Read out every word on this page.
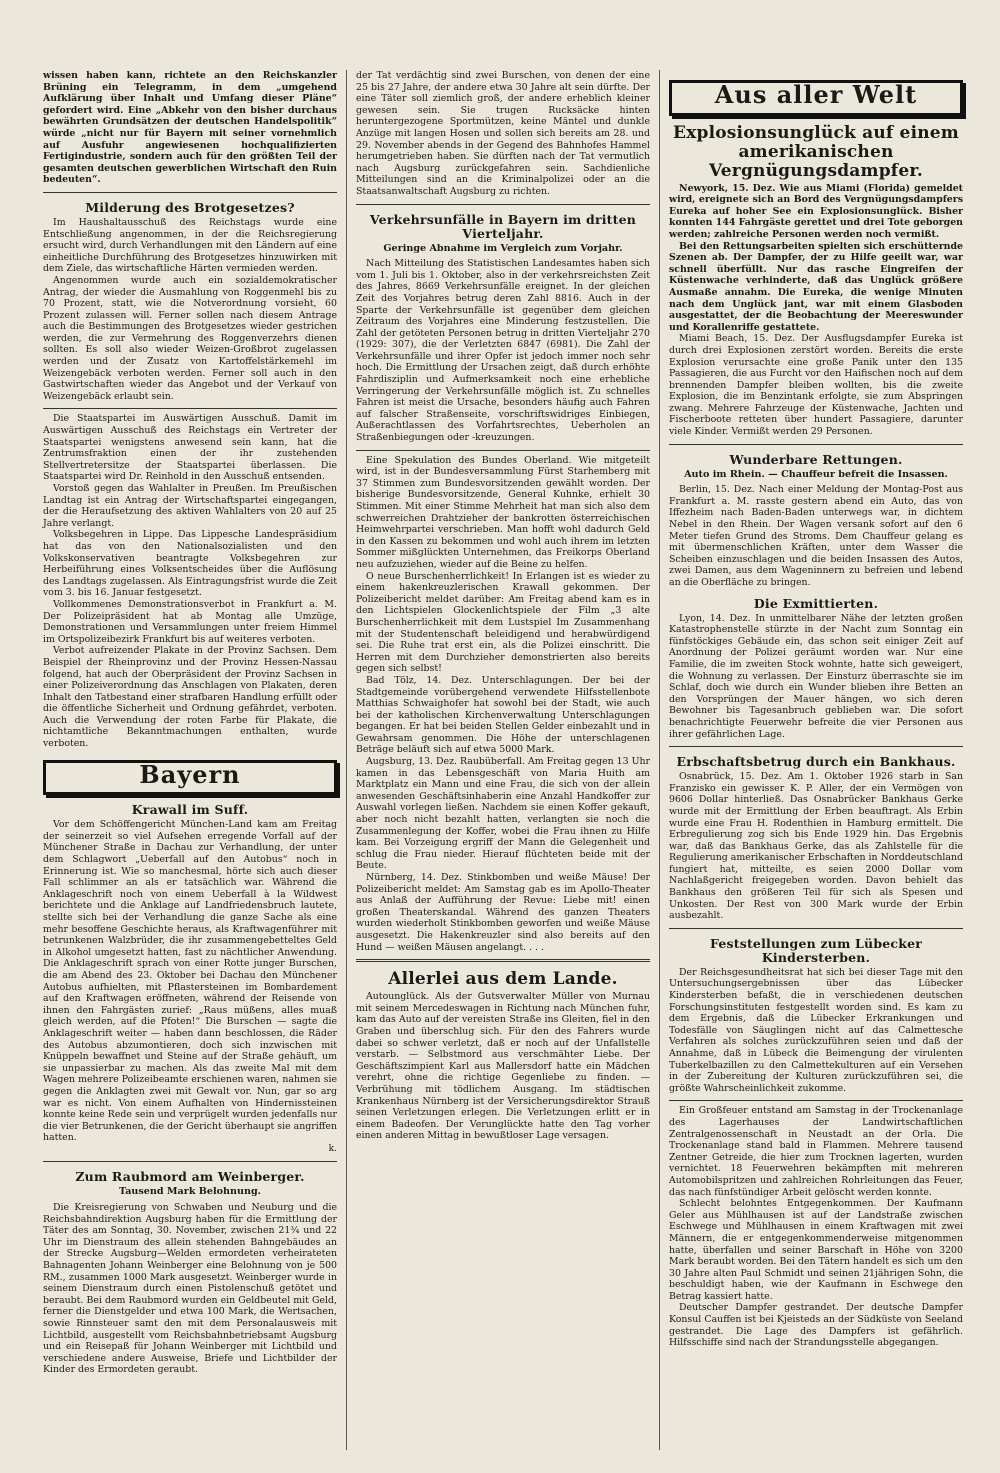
wissen haben kann, richtete an den Reichskanzler Brüning ein Telegramm, in dem „umgehend Aufklärung über Inhalt und Umfang dieser Pläne“ gefordert wird. Eine „Abkehr von den bisher durchaus bewährten Grundsätzen der deutschen Handelspolitik“ würde „nicht nur für Bayern mit seiner vornehmlich auf Ausfuhr angewiesenen hochqualifizierten Fertigindustrie, sondern auch für den größten Teil der gesamten deutschen gewerblichen Wirtschaft den Ruin bedeuten“.

Milderung des Brotgesetzes?

Im Haushaltausschuß des Reichstags wurde eine Entschließung angenommen, in der die Reichsregierung ersucht wird, durch Verhandlungen mit den Ländern auf eine einheitliche Durchführung des Brotgesetzes hinzuwirken mit dem Ziele, das wirtschaftliche Härten vermieden werden.

Angenommen wurde auch ein sozialdemokratischer Antrag, der wieder die Ausmahlung von Roggenmehl bis zu 70 Prozent, statt, wie die Notverordnung vorsieht, 60 Prozent zulassen will. Ferner sollen nach diesem Antrage auch die Bestimmungen des Brotgesetzes wieder gestrichen werden, die zur Vermehrung des Roggenverzehrs dienen sollten. Es soll also wieder Weizen-Großbrot zugelassen werden und der Zusatz von Kartoffelstärkemehl im Weizengebäck verboten werden. Ferner soll auch in den Gastwirtschaften wieder das Angebot und der Verkauf von Weizengebäck erlaubt sein.

Die Staatspartei im Auswärtigen Ausschuß. Damit im Auswärtigen Ausschuß des Reichstags ein Vertreter der Staatspartei wenigstens anwesend sein kann, hat die Zentrumsfraktion einen der ihr zustehenden Stellvertretersitze der Staatspartei überlassen. Die Staatspartei wird Dr. Reinhold in den Ausschuß entsenden.

Vorstoß gegen das Wahlalter in Preußen. Im Preußischen Landtag ist ein Antrag der Wirtschaftspartei eingegangen, der die Heraufsetzung des aktiven Wahlalters von 20 auf 25 Jahre verlangt.

Volksbegehren in Lippe. Das Lippesche Landespräsidium hat das von den Nationalsozialisten und den Volkskonservativen beantragte Volksbegehren zur Herbeiführung eines Volksentscheides über die Auflösung des Landtags zugelassen. Als Eintragungsfrist wurde die Zeit vom 3. bis 16. Januar festgesetzt.

Vollkommenes Demonstrationsverbot in Frankfurt a. M. Der Polizeipräsident hat ab Montag alle Umzüge, Demonstrationen und Versammlungen unter freiem Himmel im Ortspolizeibezirk Frankfurt bis auf weiteres verboten.

Verbot aufreizender Plakate in der Provinz Sachsen. Dem Beispiel der Rheinprovinz und der Provinz Hessen-Nassau folgend, hat auch der Oberpräsident der Provinz Sachsen in einer Polizeiverordnung das Anschlagen von Plakaten, deren Inhalt den Tatbestand einer strafbaren Handlung erfüllt oder die öffentliche Sicherheit und Ordnung gefährdet, verboten. Auch die Verwendung der roten Farbe für Plakate, die nichtamtliche Bekanntmachungen enthalten, wurde verboten.

Bayern
Krawall im Suff.

Vor dem Schöffengericht München-Land kam am Freitag der seinerzeit so viel Aufsehen erregende Vorfall auf der Münchener Straße in Dachau zur Verhandlung, der unter dem Schlagwort „Ueberfall auf den Autobus“ noch in Erinnerung ist. Wie so manchesmal, hörte sich auch dieser Fall schlimmer an als er tatsächlich war. Während die Anklageschrift noch von einem Ueberfall à la Wildwest berichtete und die Anklage auf Landfriedensbruch lautete, stellte sich bei der Verhandlung die ganze Sache als eine mehr besoffene Geschichte heraus, als Kraftwagenführer mit betrunkenen Walzbrüder, die ihr zusammengebetteltes Geld in Alkohol umgesetzt hatten, fast zu nächtlicher Anwendung. Die Anklageschrift sprach von einer Rotte junger Burschen, die am Abend des 23. Oktober bei Dachau den Münchener Autobus aufhielten, mit Pflastersteinen im Bombardement auf den Kraftwagen eröffneten, während der Reisende von ihnen den Fahrgästen zurief: „Raus müßens, alles muaß gleich werden, auf die Pfoten!“ Die Burschen — sagte die Anklageschrift weiter — haben dann beschlossen, die Räder des Autobus abzumontieren, doch sich inzwischen mit Knüppeln bewaffnet und Steine auf der Straße gehäuft, um sie unpassierbar zu machen. Als das zweite Mal mit dem Wagen mehrere Polizeibeamte erschienen waren, nahmen sie gegen die Anklagten zwei mit Gewalt vor. Nun, gar so arg war es nicht. Von einem Aufhalten von Hindernissteinen konnte keine Rede sein und verprügelt wurden jedenfalls nur die vier Betrunkenen, die der Gericht überhaupt sie angriffen hatten.

k.
Zum Raubmord am Weinberger.
Tausend Mark Belohnung.

Die Kreisregierung von Schwaben und Neuburg und die Reichsbahndirektion Augsburg haben für die Ermittlung der Täter des am Sonntag, 30. November, zwischen 21¾ und 22 Uhr im Dienstraum des allein stehenden Bahngebäudes an der Strecke Augsburg—Welden ermordeten verheirateten Bahnagenten Johann Weinberger eine Belohnung von je 500 RM., zusammen 1000 Mark ausgesetzt. Weinberger wurde in seinem Dienstraum durch einen Pistolenschuß getötet und beraubt. Bei dem Raubmord wurden ein Geldbeutel mit Geld, ferner die Dienstgelder und etwa 100 Mark, die Wertsachen, sowie Rinnsteuer samt den mit dem Personalausweis mit Lichtbild, ausgestellt vom Reichsbahnbetriebsamt Augsburg und ein Reisepaß für Johann Weinberger mit Lichtbild und verschiedene andere Ausweise, Briefe und Lichtbilder der Kinder des Ermordeten geraubt.

der Tat verdächtig sind zwei Burschen, von denen der eine 25 bis 27 Jahre, der andere etwa 30 Jahre alt sein dürfte. Der eine Täter soll ziemlich groß, der andere erheblich kleiner gewesen sein. Sie trugen Rucksäcke hinten heruntergezogene Sportmützen, keine Mäntel und dunkle Anzüge mit langen Hosen und sollen sich bereits am 28. und 29. November abends in der Gegend des Bahnhofes Hammel herumgetrieben haben. Sie dürften nach der Tat vermutlich nach Augsburg zurückgefahren sein. Sachdienliche Mitteilungen sind an die Kriminalpolizei oder an die Staatsanwaltschaft Augsburg zu richten.

Verkehrsunfälle in Bayern im dritten Vierteljahr.
Geringe Abnahme im Vergleich zum Vorjahr.

Nach Mitteilung des Statistischen Landesamtes haben sich vom 1. Juli bis 1. Oktober, also in der verkehrsreichsten Zeit des Jahres, 8669 Verkehrsunfälle ereignet. In der gleichen Zeit des Vorjahres betrug deren Zahl 8816. Auch in der Sparte der Verkehrsunfälle ist gegenüber dem gleichen Zeitraum des Vorjahres eine Minderung festzustellen. Die Zahl der getöteten Personen betrug in dritten Vierteljahr 270 (1929: 307), die der Verletzten 6847 (6981). Die Zahl der Verkehrsunfälle und ihrer Opfer ist jedoch immer noch sehr hoch. Die Ermittlung der Ursachen zeigt, daß durch erhöhte Fahrdisziplin und Aufmerksamkeit noch eine erhebliche Verringerung der Verkehrsunfälle möglich ist. Zu schnelles Fahren ist meist die Ursache, besonders häufig auch Fahren auf falscher Straßenseite, vorschriftswidriges Einbiegen, Außerachtlassen des Vorfahrtsrechtes, Ueberholen an Straßenbiegungen oder -kreuzungen.

Eine Spekulation des Bundes Oberland. Wie mitgeteilt wird, ist in der Bundesversammlung Fürst Starhemberg mit 37 Stimmen zum Bundesvorsitzenden gewählt worden. Der bisherige Bundesvorsitzende, General Kuhnke, erhielt 30 Stimmen. Mit einer Stimme Mehrheit hat man sich also dem schwerreichen Drahtzieher der bankrotten österreichischen Heimwehrpartei verschrieben. Man hofft wohl dadurch Geld in den Kassen zu bekommen und wohl auch ihrem im letzten Sommer mißglückten Unternehmen, das Freikorps Oberland neu aufzuziehen, wieder auf die Beine zu helfen.

O neue Burschenherrlichkeit! In Erlangen ist es wieder zu einem hakenkreuzlerischen Krawall gekommen. Der Polizeibericht meldet darüber: Am Freitag abend kam es in den Lichtspielen Glockenlichtspiele der Film „3 alte Burschenherrlichkeit mit dem Lustspiel Im Zusammenhang mit der Studentenschaft beleidigend und herabwürdigend sei. Die Ruhe trat erst ein, als die Polizei einschritt. Die Herren mit dem Durchzieher demonstrierten also bereits gegen sich selbst!

Bad Tölz, 14. Dez. Unterschlagungen. Der bei der Stadtgemeinde vorübergehend verwendete Hilfsstellenbote Matthias Schwaighofer hat sowohl bei der Stadt, wie auch bei der katholischen Kirchenverwaltung Unterschlagungen begangen. Er hat bei beiden Stellen Gelder einbezahlt und in Gewahrsam genommen. Die Höhe der unterschlagenen Beträge beläuft sich auf etwa 5000 Mark.

Augsburg, 13. Dez. Raubüberfall. Am Freitag gegen 13 Uhr kamen in das Lebensgeschäft von Maria Huith am Marktplatz ein Mann und eine Frau, die sich von der allein anwesenden Geschäftsinhaberin eine Anzahl Handkoffer zur Auswahl vorlegen ließen. Nachdem sie einen Koffer gekauft, aber noch nicht bezahlt hatten, verlangten sie noch die Zusammenlegung der Koffer, wobei die Frau ihnen zu Hilfe kam. Bei Vorzeigung ergriff der Mann die Gelegenheit und schlug die Frau nieder. Hierauf flüchteten beide mit der Beute.

Nürnberg, 14. Dez. Stinkbomben und weiße Mäuse! Der Polizeibericht meldet: Am Samstag gab es im Apollo-Theater aus Anlaß der Aufführung der Revue: Liebe mit! einen großen Theaterskandal. Während des ganzen Theaters wurden wiederholt Stinkbomben geworfen und weiße Mäuse ausgesetzt. Die Hakenkreuzler sind also bereits auf den Hund — weißen Mäusen angelangt. . . .

Allerlei aus dem Lande.

Autounglück. Als der Gutsverwalter Müller von Murnau mit seinem Mercedeswagen in Richtung nach München fuhr, kam das Auto auf der vereisten Straße ins Gleiten, fiel in den Graben und überschlug sich. Für den des Fahrers wurde dabei so schwer verletzt, daß er noch auf der Unfallstelle verstarb. — Selbstmord aus verschmähter Liebe. Der Geschäftszimpient Karl aus Mallersdorf hatte ein Mädchen verehrt, ohne die richtige Gegenliebe zu finden. — Verbrühung mit tödlichem Ausgang. Im städtischen Krankenhaus Nürnberg ist der Versicherungsdirektor Strauß seinen Verletzungen erlegen. Die Verletzungen erlitt er in einem Badeofen. Der Verunglückte hatte den Tag vorher einen anderen Mittag in bewußtloser Lage versagen.

Aus aller Welt
Explosionsunglück auf einem amerikanischen Vergnügungsdampfer.

Newyork, 15. Dez. Wie aus Miami (Florida) gemeldet wird, ereignete sich an Bord des Vergnügungsdampfers Eureka auf hoher See ein Explosionsunglück. Bisher konnten 144 Fahrgäste gerettet und drei Tote geborgen werden; zahlreiche Personen werden noch vermißt.

Bei den Rettungsarbeiten spielten sich erschütternde Szenen ab. Der Dampfer, der zu Hilfe geeilt war, war schnell überfüllt. Nur das rasche Eingreifen der Küstenwache verhinderte, daß das Unglück größere Ausmaße annahm. Die Eureka, die wenige Minuten nach dem Unglück jant, war mit einem Glasboden ausgestattet, der die Beobachtung der Meereswunder und Korallenriffe gestattete.

Miami Beach, 15. Dez. Der Ausflugsdampfer Eureka ist durch drei Explosionen zerstört worden. Bereits die erste Explosion verursachte eine große Panik unter den 135 Passagieren, die aus Furcht vor den Haifischen noch auf dem brennenden Dampfer bleiben wollten, bis die zweite Explosion, die im Benzintank erfolgte, sie zum Abspringen zwang. Mehrere Fahrzeuge der Küstenwache, Jachten und Fischerboote retteten über hundert Passagiere, darunter viele Kinder. Vermißt werden 29 Personen.

Wunderbare Rettungen.
Auto im Rhein. — Chauffeur befreit die Insassen.

Berlin, 15. Dez. Nach einer Meldung der Montag-Post aus Frankfurt a. M. rasste gestern abend ein Auto, das von Iffezheim nach Baden-Baden unterwegs war, in dichtem Nebel in den Rhein. Der Wagen versank sofort auf den 6 Meter tiefen Grund des Stroms. Dem Chauffeur gelang es mit übermenschlichen Kräften, unter dem Wasser die Scheiben einzuschlagen und die beiden Insassen des Autos, zwei Damen, aus dem Wageninnern zu befreien und lebend an die Oberfläche zu bringen.

Die Exmittierten.

Lyon, 14. Dez. In unmittelbarer Nähe der letzten großen Katastrophenstelle stürzte in der Nacht zum Sonntag ein fünfstöckiges Gebäude ein, das schon seit einiger Zeit auf Anordnung der Polizei geräumt worden war. Nur eine Familie, die im zweiten Stock wohnte, hatte sich geweigert, die Wohnung zu verlassen. Der Einsturz überraschte sie im Schlaf, doch wie durch ein Wunder blieben ihre Betten an den Vorsprüngen der Mauer hängen, wo sich deren Bewohner bis Tagesanbruch geblieben war. Die sofort benachrichtigte Feuerwehr befreite die vier Personen aus ihrer gefährlichen Lage.

Erbschaftsbetrug durch ein Bankhaus.

Osnabrück, 15. Dez. Am 1. Oktober 1926 starb in San Franzisko ein gewisser K. P. Aller, der ein Vermögen von 9606 Dollar hinterließ. Das Osnabrücker Bankhaus Gerke wurde mit der Ermittlung der Erben beauftragt. Als Erbin wurde eine Frau H. Rodenthien in Hamburg ermittelt. Die Erbregulierung zog sich bis Ende 1929 hin. Das Ergebnis war, daß das Bankhaus Gerke, das als Zahlstelle für die Regulierung amerikanischer Erbschaften in Norddeutschland fungiert hat, mitteilte, es seien 2000 Dollar vom Nachlaßgericht freigegeben worden. Davon behielt das Bankhaus den größeren Teil für sich als Spesen und Unkosten. Der Rest von 300 Mark wurde der Erbin ausbezahlt.

Feststellungen zum Lübecker Kindersterben.

Der Reichsgesundheitsrat hat sich bei dieser Tage mit den Untersuchungsergebnissen über das Lübecker Kindersterben befaßt, die in verschiedenen deutschen Forschungsinstituten festgestellt worden sind. Es kam zu dem Ergebnis, daß die Lübecker Erkrankungen und Todesfälle von Säuglingen nicht auf das Calmettesche Verfahren als solches zurückzuführen seien und daß der Annahme, daß in Lübeck die Beimengung der virulenten Tuberkelbazillen zu den Calmettekulturen auf ein Versehen in der Zubereitung der Kulturen zurückzuführen sei, die größte Wahrscheinlichkeit zukomme.

Ein Großfeuer entstand am Samstag in der Trockenanlage des Lagerhauses der Landwirtschaftlichen Zentralgenossenschaft in Neustadt an der Orla. Die Trockenanlage stand bald in Flammen. Mehrere tausend Zentner Getreide, die hier zum Trocknen lagerten, wurden vernichtet. 18 Feuerwehren bekämpften mit mehreren Automobilspritzen und zahlreichen Rohrleitungen das Feuer, das nach fünfstündiger Arbeit gelöscht werden konnte.

Schlecht belohntes Entgegenkommen. Der Kaufmann Geler aus Mühlhausen ist auf der Landstraße zwischen Eschwege und Mühlhausen in einem Kraftwagen mit zwei Männern, die er entgegenkommenderweise mitgenommen hatte, überfallen und seiner Barschaft in Höhe von 3200 Mark beraubt worden. Bei den Tätern handelt es sich um den 30 Jahre alten Paul Schmidt und seinen 21jährigen Sohn, die beschuldigt haben, wie der Kaufmann in Eschwege den Betrag kassiert hatte.

Deutscher Dampfer gestrandet. Der deutsche Dampfer Konsul Cauffen ist bei Kjeisteds an der Südküste von Seeland gestrandet. Die Lage des Dampfers ist gefährlich. Hilfsschiffe sind nach der Strandungsstelle abgegangen.
